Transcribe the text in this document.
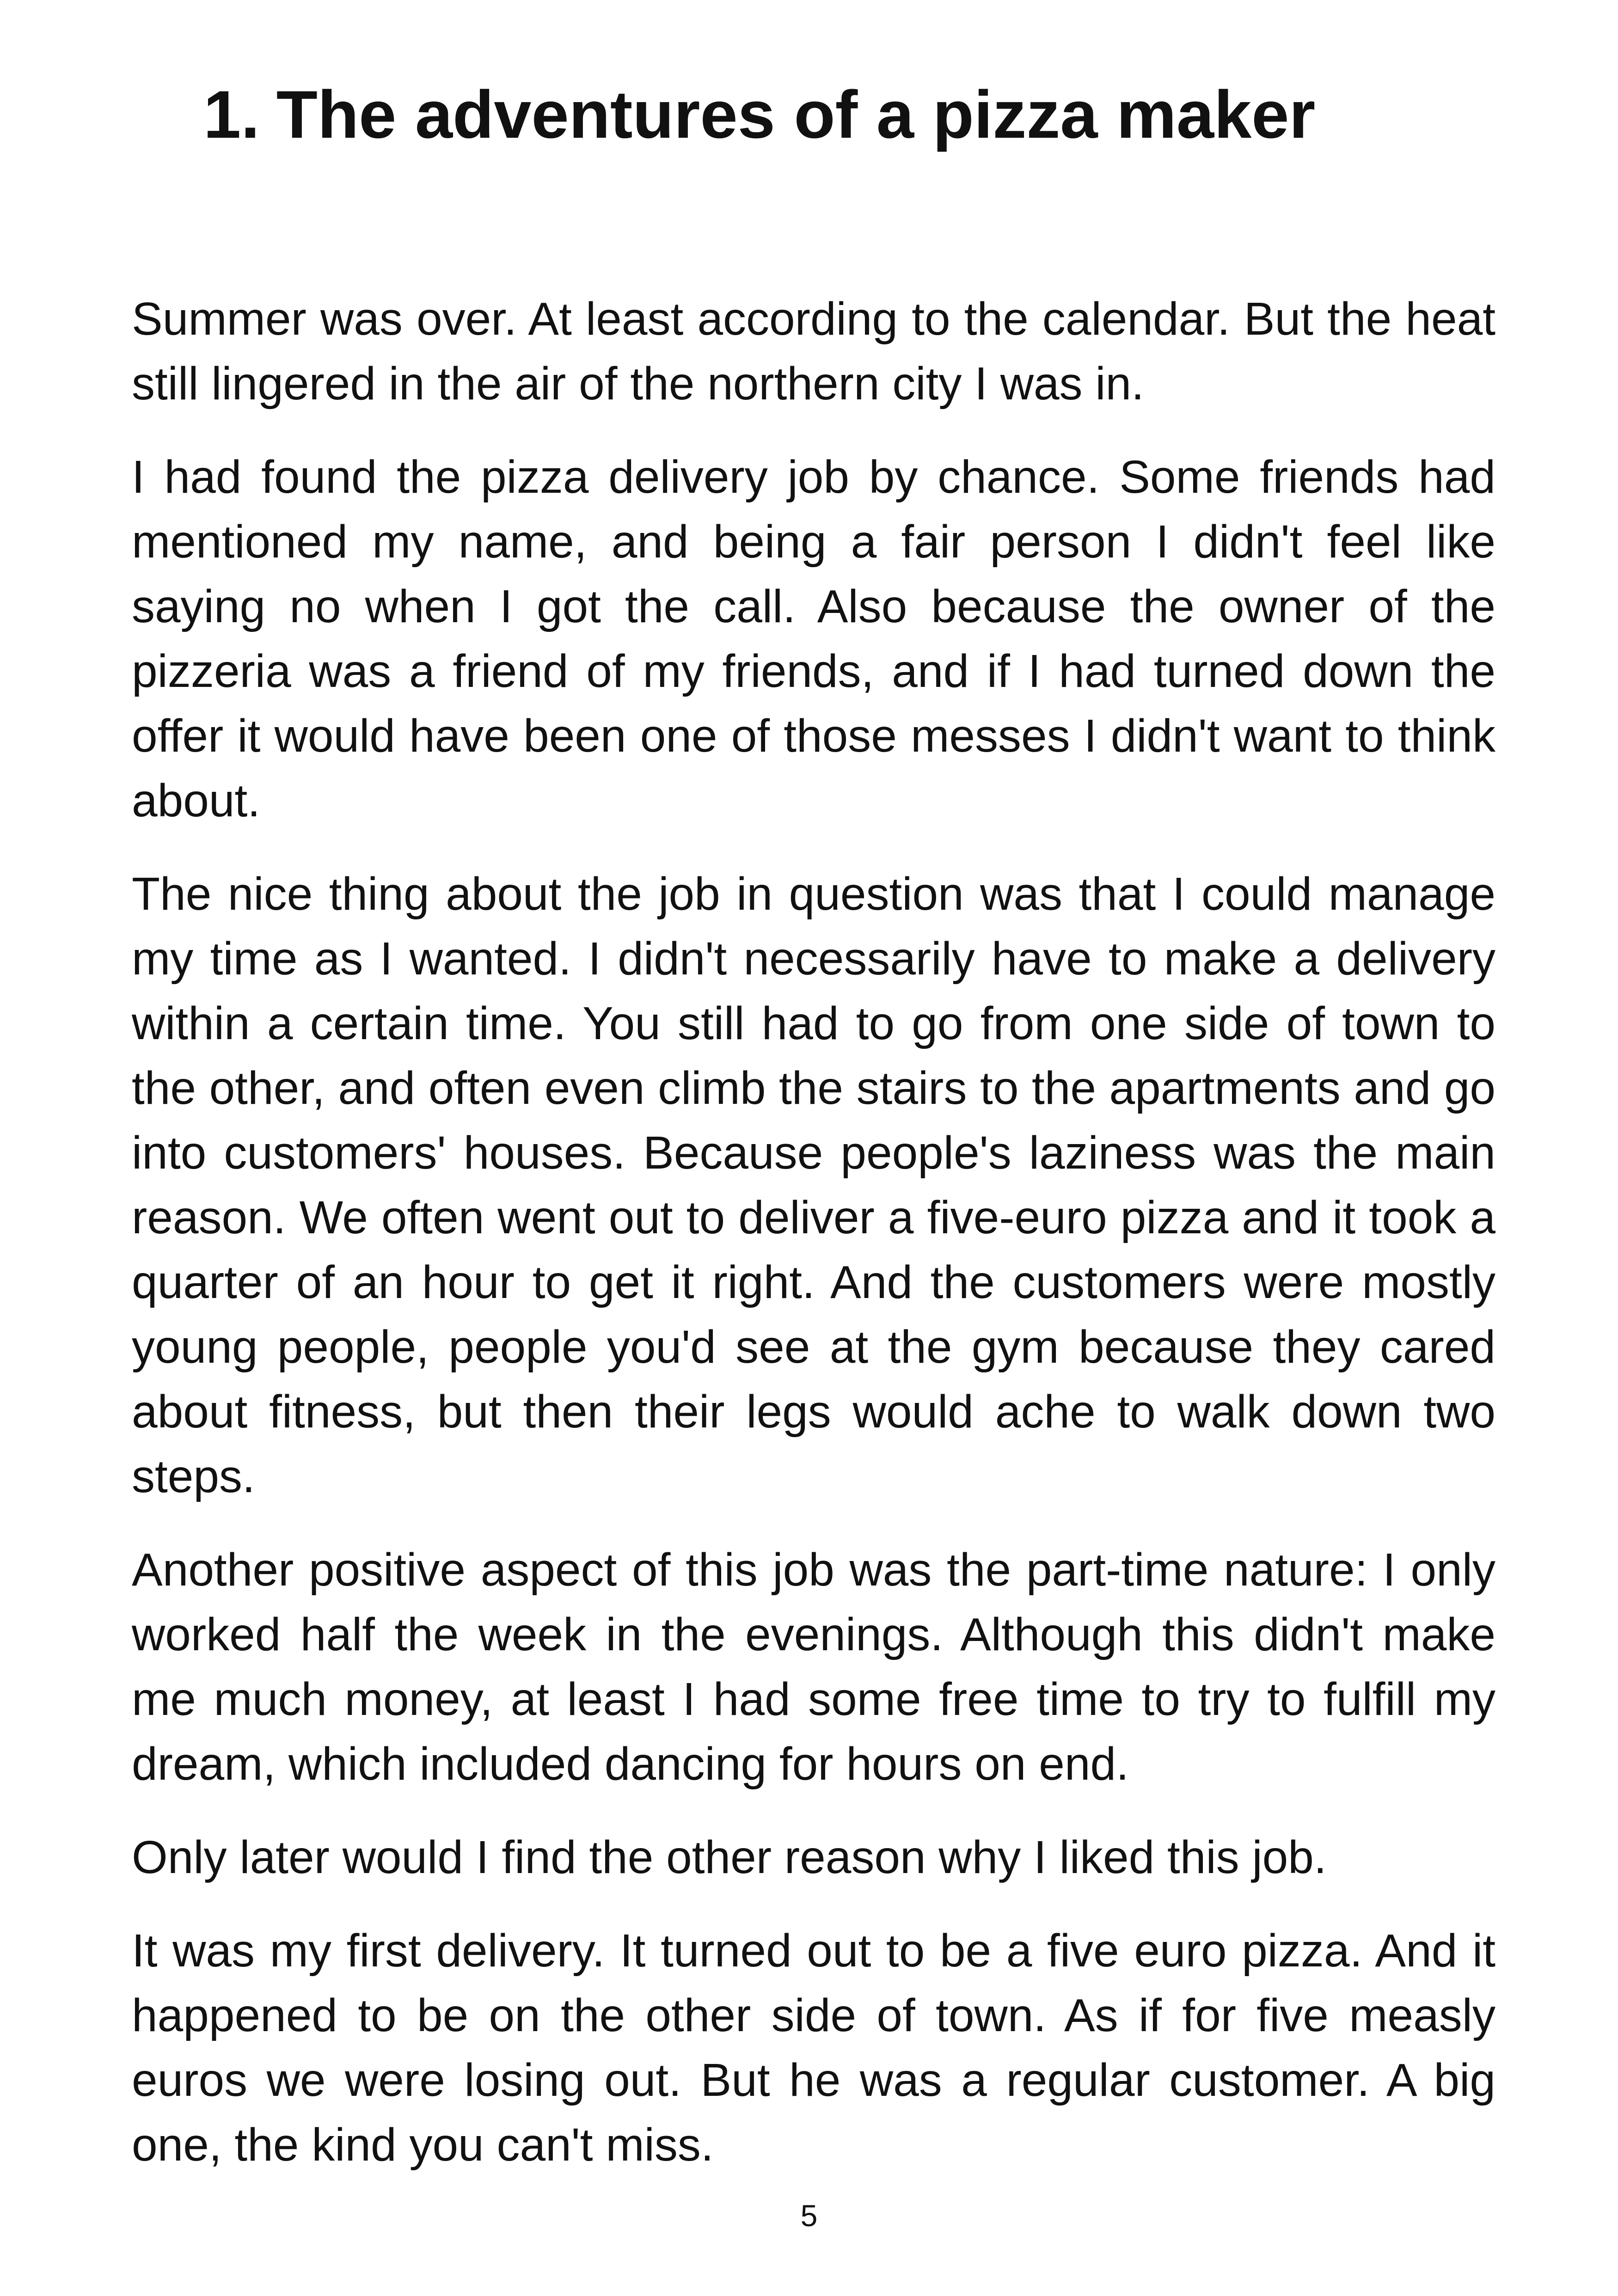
1. The adventures of a pizza maker

Summer was over. At least according to the calendar. But the heat still lingered in the air of the northern city I was in.

I had found the pizza delivery job by chance. Some friends had mentioned my name, and being a fair person I didn't feel like saying no when I got the call. Also because the owner of the pizzeria was a friend of my friends, and if I had turned down the offer it would have been one of those messes I didn't want to think about.

The nice thing about the job in question was that I could manage my time as I wanted. I didn't necessarily have to make a delivery within a certain time. You still had to go from one side of town to the other, and often even climb the stairs to the apartments and go into customers' houses. Because people's laziness was the main reason. We often went out to deliver a five-euro pizza and it took a quarter of an hour to get it right. And the customers were mostly young people, people you'd see at the gym because they cared about fitness, but then their legs would ache to walk down two steps.

Another positive aspect of this job was the part-time nature: I only worked half the week in the evenings. Although this didn't make me much money, at least I had some free time to try to fulfill my dream, which included dancing for hours on end.

Only later would I find the other reason why I liked this job.

It was my first delivery. It turned out to be a five euro pizza. And it happened to be on the other side of town. As if for five measly euros we were losing out. But he was a regular customer. A big one, the kind you can't miss.

5
